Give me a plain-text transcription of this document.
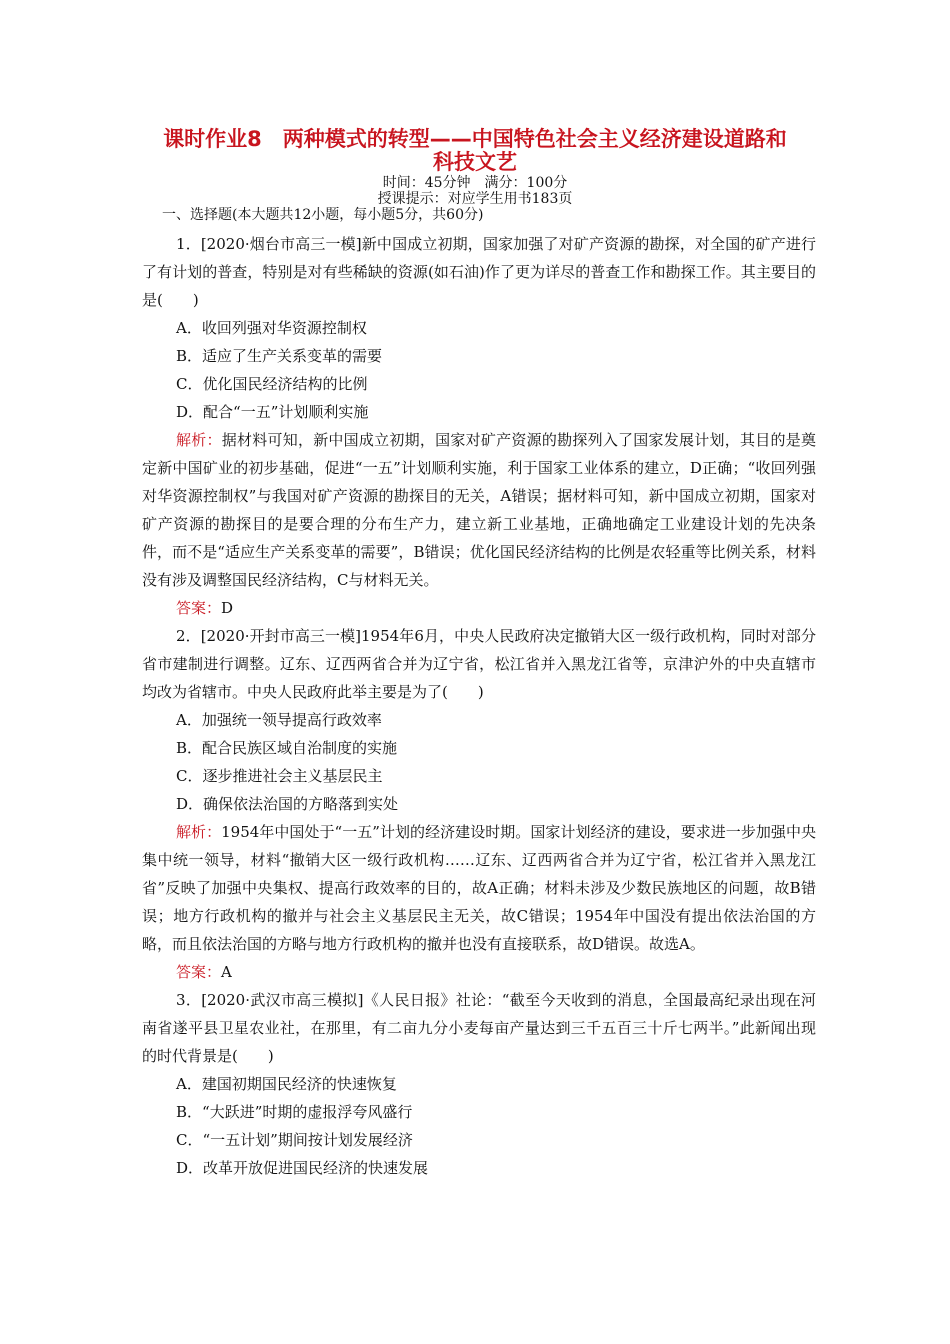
课时作业8　两种模式的转型——中国特色社会主义经济建设道路和
科技文艺
时间：45分钟　满分：100分
授课提示：对应学生用书183页
一、选择题(本大题共12小题，每小题5分，共60分)

1．[2020·烟台市高三一模]新中国成立初期，国家加强了对矿产资源的勘探，对全国的矿产进行了有计划的普查，特别是对有些稀缺的资源(如石油)作了更为详尽的普查工作和勘探工作。其主要目的是(　　)

A．收回列强对华资源控制权

B．适应了生产关系变革的需要

C．优化国民经济结构的比例

D．配合“一五”计划顺利实施

解析：据材料可知，新中国成立初期，国家对矿产资源的勘探列入了国家发展计划，其目的是奠定新中国矿业的初步基础，促进“一五”计划顺利实施，利于国家工业体系的建立，D正确；“收回列强对华资源控制权”与我国对矿产资源的勘探目的无关，A错误；据材料可知，新中国成立初期，国家对矿产资源的勘探目的是要合理的分布生产力，建立新工业基地，正确地确定工业建设计划的先决条件，而不是“适应生产关系变革的需要”，B错误；优化国民经济结构的比例是农轻重等比例关系，材料没有涉及调整国民经济结构，C与材料无关。

答案：D

2．[2020·开封市高三一模]1954年6月，中央人民政府决定撤销大区一级行政机构，同时对部分省市建制进行调整。辽东、辽西两省合并为辽宁省，松江省并入黑龙江省等，京津沪外的中央直辖市均改为省辖市。中央人民政府此举主要是为了(　　)

A．加强统一领导提高行政效率

B．配合民族区域自治制度的实施

C．逐步推进社会主义基层民主

D．确保依法治国的方略落到实处

解析：1954年中国处于“一五”计划的经济建设时期。国家计划经济的建设，要求进一步加强中央集中统一领导，材料“撤销大区一级行政机构……辽东、辽西两省合并为辽宁省，松江省并入黑龙江省”反映了加强中央集权、提高行政效率的目的，故A正确；材料未涉及少数民族地区的问题，故B错误；地方行政机构的撤并与社会主义基层民主无关，故C错误；1954年中国没有提出依法治国的方略，而且依法治国的方略与地方行政机构的撤并也没有直接联系，故D错误。故选A。

答案：A

3．[2020·武汉市高三模拟]《人民日报》社论：“截至今天收到的消息，全国最高纪录出现在河南省遂平县卫星农业社，在那里，有二亩九分小麦每亩产量达到三千五百三十斤七两半。”此新闻出现的时代背景是(　　)

A．建国初期国民经济的快速恢复

B．“大跃进”时期的虚报浮夸风盛行

C．“一五计划”期间按计划发展经济

D．改革开放促进国民经济的快速发展
